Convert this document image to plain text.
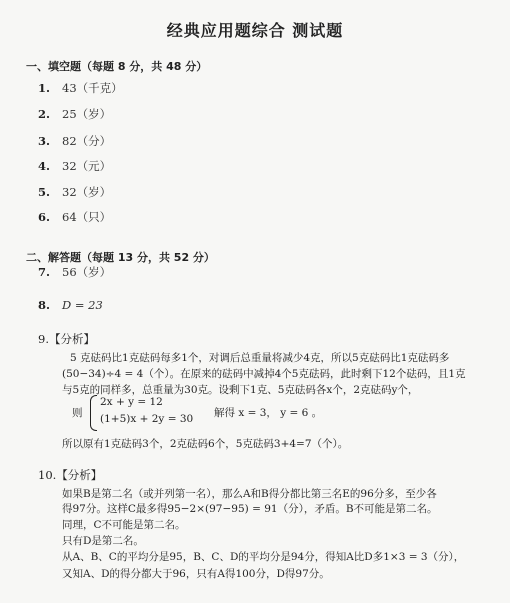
经典应用题综合 测试题
一、填空题（每题 8 分，共 48 分）
1. 43（千克）
2. 25（岁）
3. 82（分）
4. 32（元）
5. 32（岁）
6. 64（只）
二、解答题（每题 13 分，共 52 分）
7. 56（岁）
8. D = 23
9.【分析】
5 克砝码比1克砝码每多1个，对调后总重量将减少4克，所以5克砝码比1克砝码多
(50−34)÷4 = 4（个）。在原来的砝码中减掉4个5克砝码，此时剩下12个砝码，且1克
与5克的同样多，总重量为30克。设剩下1克、5克砝码各x个，2克砝码y个，
则
2x + y = 12
(1+5)x + 2y = 30 解得 x = 3， y = 6 。
所以原有1克砝码3个，2克砝码6个，5克砝码3+4=7（个）。
10.【分析】
如果B是第二名（或并列第一名），那么A和B得分都比第三名E的96分多，至少各
得97分。这样C最多得95−2×(97−95) = 91（分），矛盾。B不可能是第二名。
同理，C不可能是第二名。
只有D是第二名。
从A、B、C的平均分是95，B、C、D的平均分是94分，得知A比D多1×3 = 3（分），
又知A、D的得分都大于96，只有A得100分，D得97分。
